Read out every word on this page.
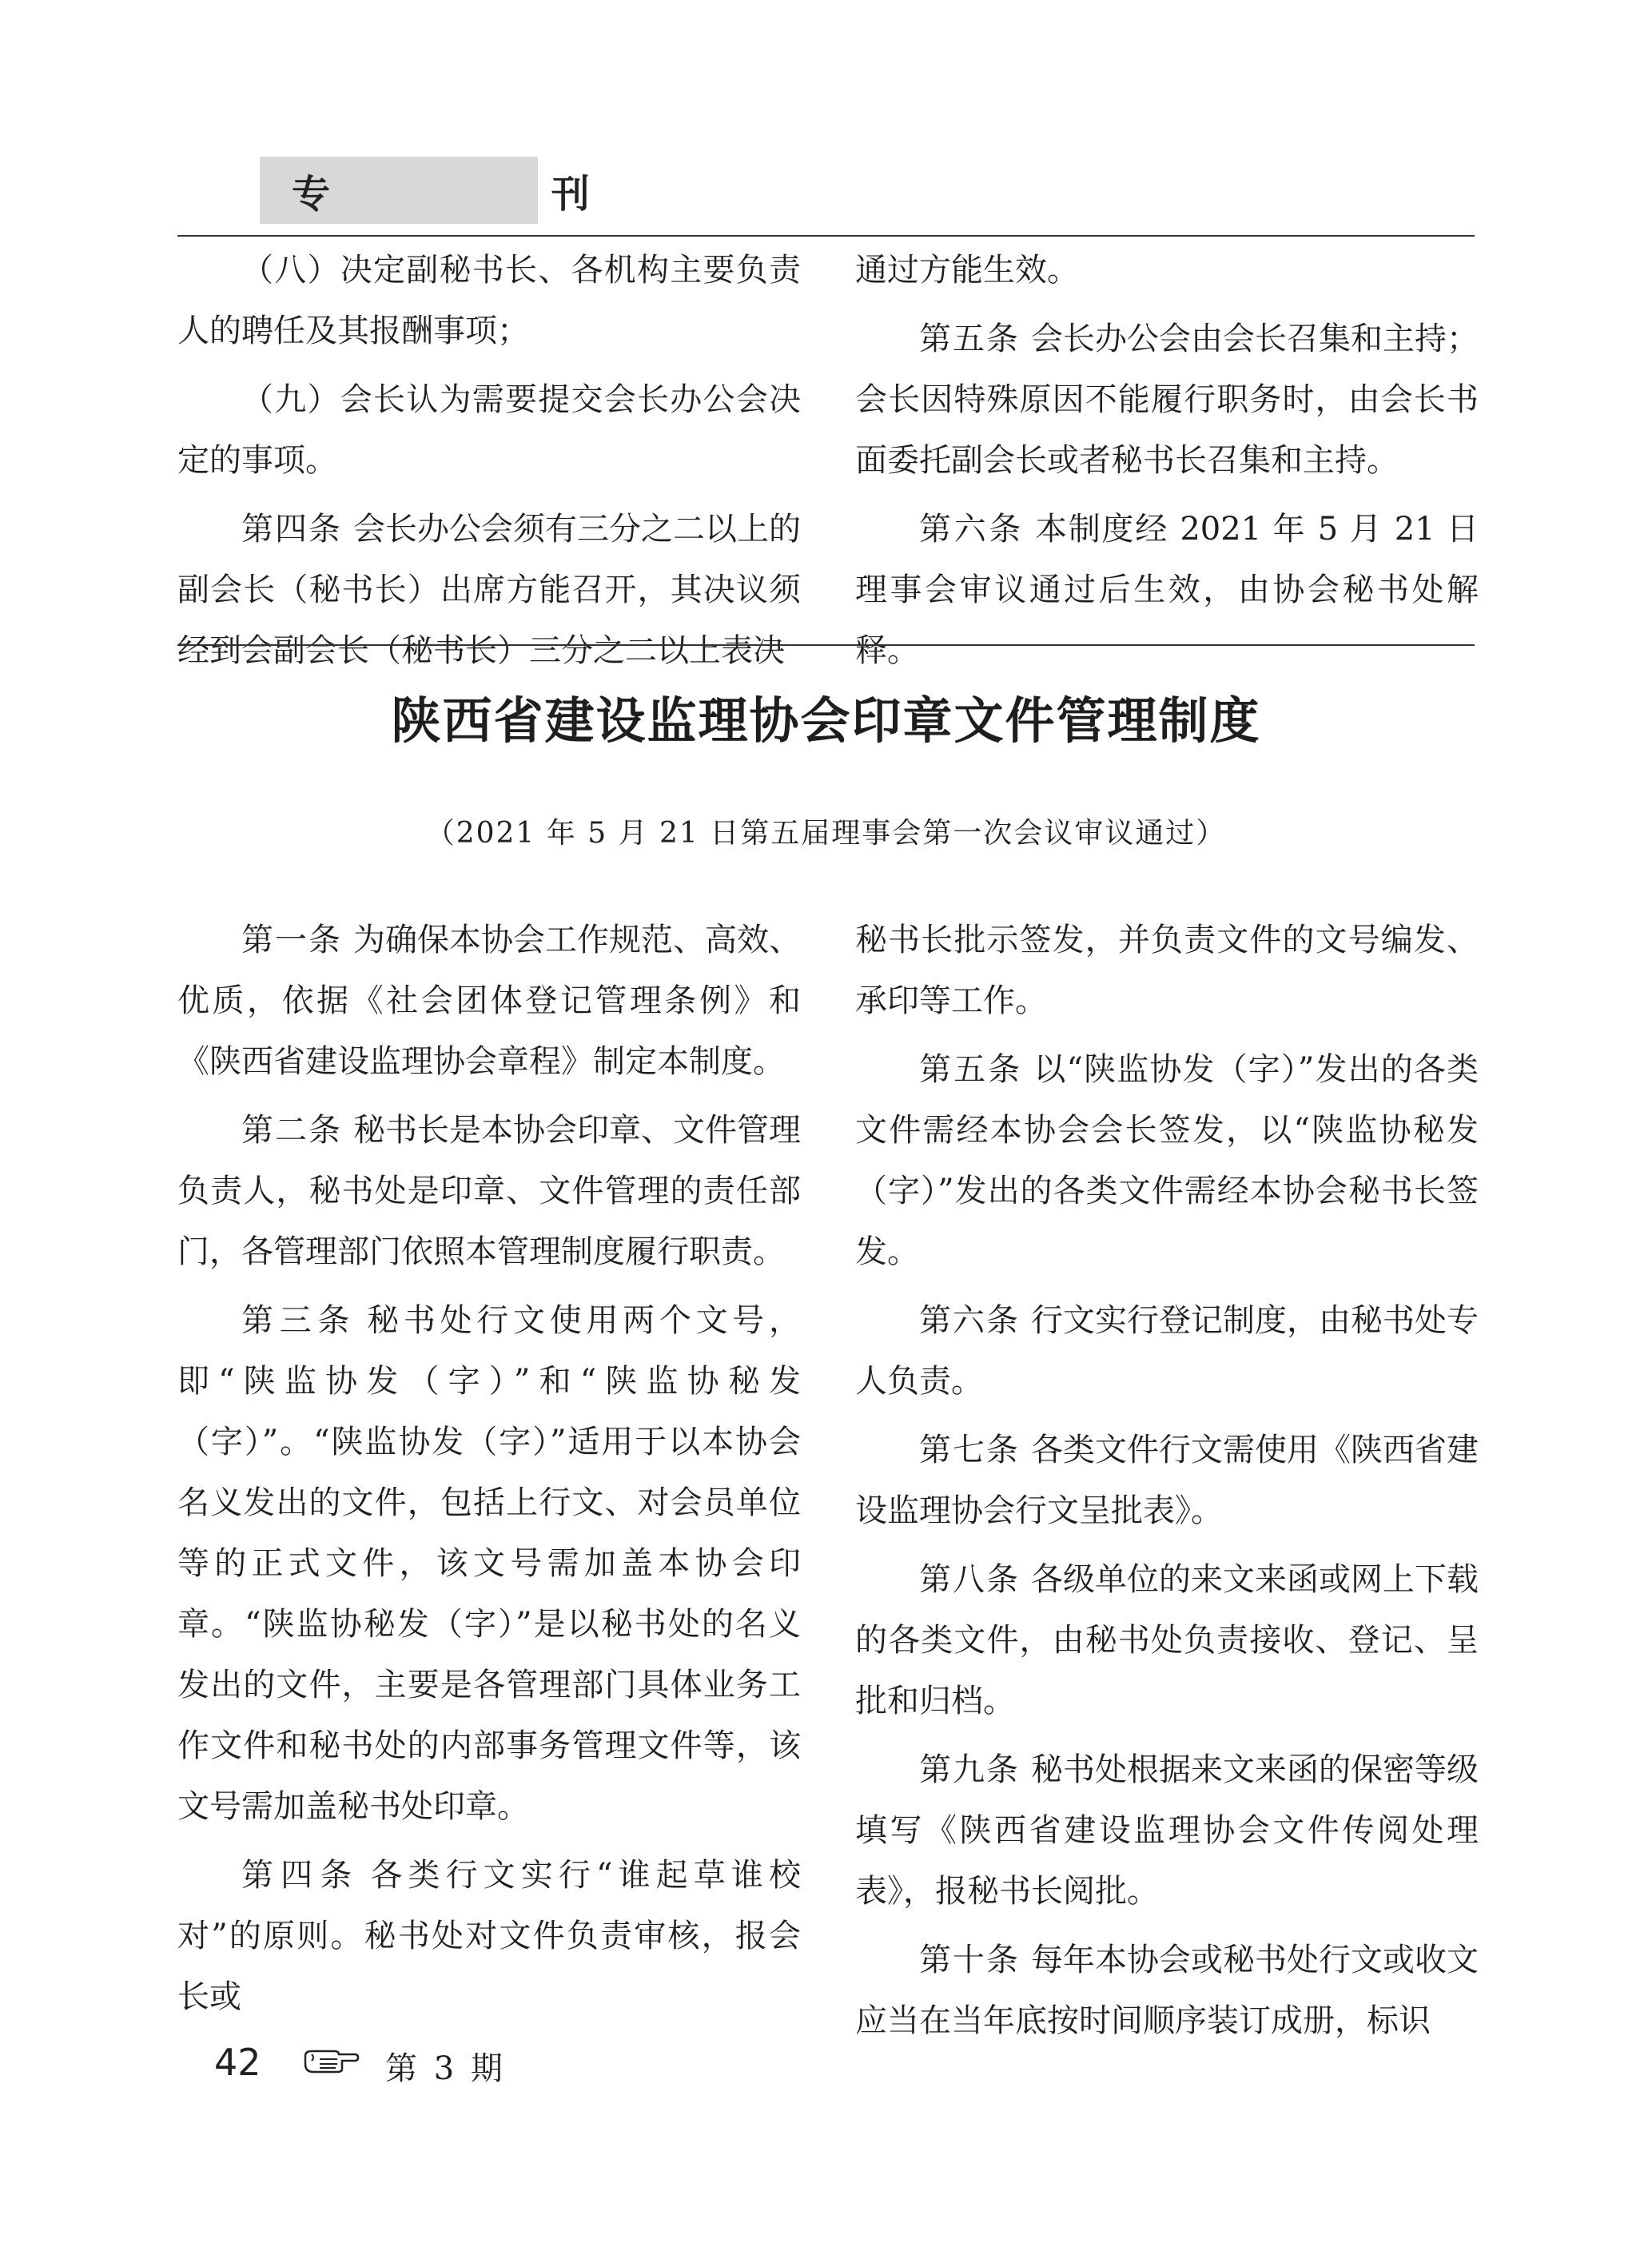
专 刊

（八）决定副秘书长、各机构主要负责人的聘任及其报酬事项；

（九）会长认为需要提交会长办公会决定的事项。

第四条 会长办公会须有三分之二以上的副会长（秘书长）出席方能召开，其决议须经到会副会长（秘书长）三分之二以上表决

通过方能生效。

第五条 会长办公会由会长召集和主持；会长因特殊原因不能履行职务时，由会长书面委托副会长或者秘书长召集和主持。

第六条 本制度经 2021 年 5 月 21 日理事会审议通过后生效，由协会秘书处解释。

陕西省建设监理协会印章文件管理制度
（2021 年 5 月 21 日第五届理事会第一次会议审议通过）

第一条 为确保本协会工作规范、高效、优质，依据《社会团体登记管理条例》和《陕西省建设监理协会章程》制定本制度。

第二条 秘书长是本协会印章、文件管理负责人，秘书处是印章、文件管理的责任部门，各管理部门依照本管理制度履行职责。

第三条 秘书处行文使用两个文号，即“陕监协发（字）”和“陕监协秘发（字）”。“陕监协发（字）”适用于以本协会名义发出的文件，包括上行文、对会员单位等的正式文件，该文号需加盖本协会印章。“陕监协秘发（字）”是以秘书处的名义发出的文件，主要是各管理部门具体业务工作文件和秘书处的内部事务管理文件等，该文号需加盖秘书处印章。

第四条 各类行文实行“谁起草谁校对”的原则。秘书处对文件负责审核，报会长或

秘书长批示签发，并负责文件的文号编发、承印等工作。

第五条 以“陕监协发（字）”发出的各类文件需经本协会会长签发，以“陕监协秘发（字）”发出的各类文件需经本协会秘书长签发。

第六条 行文实行登记制度，由秘书处专人负责。

第七条 各类文件行文需使用《陕西省建设监理协会行文呈批表》。

第八条 各级单位的来文来函或网上下载的各类文件，由秘书处负责接收、登记、呈批和归档。

第九条 秘书处根据来文来函的保密等级填写《陕西省建设监理协会文件传阅处理表》，报秘书长阅批。

第十条 每年本协会或秘书处行文或收文应当在当年底按时间顺序装订成册，标识

42	第 3 期
